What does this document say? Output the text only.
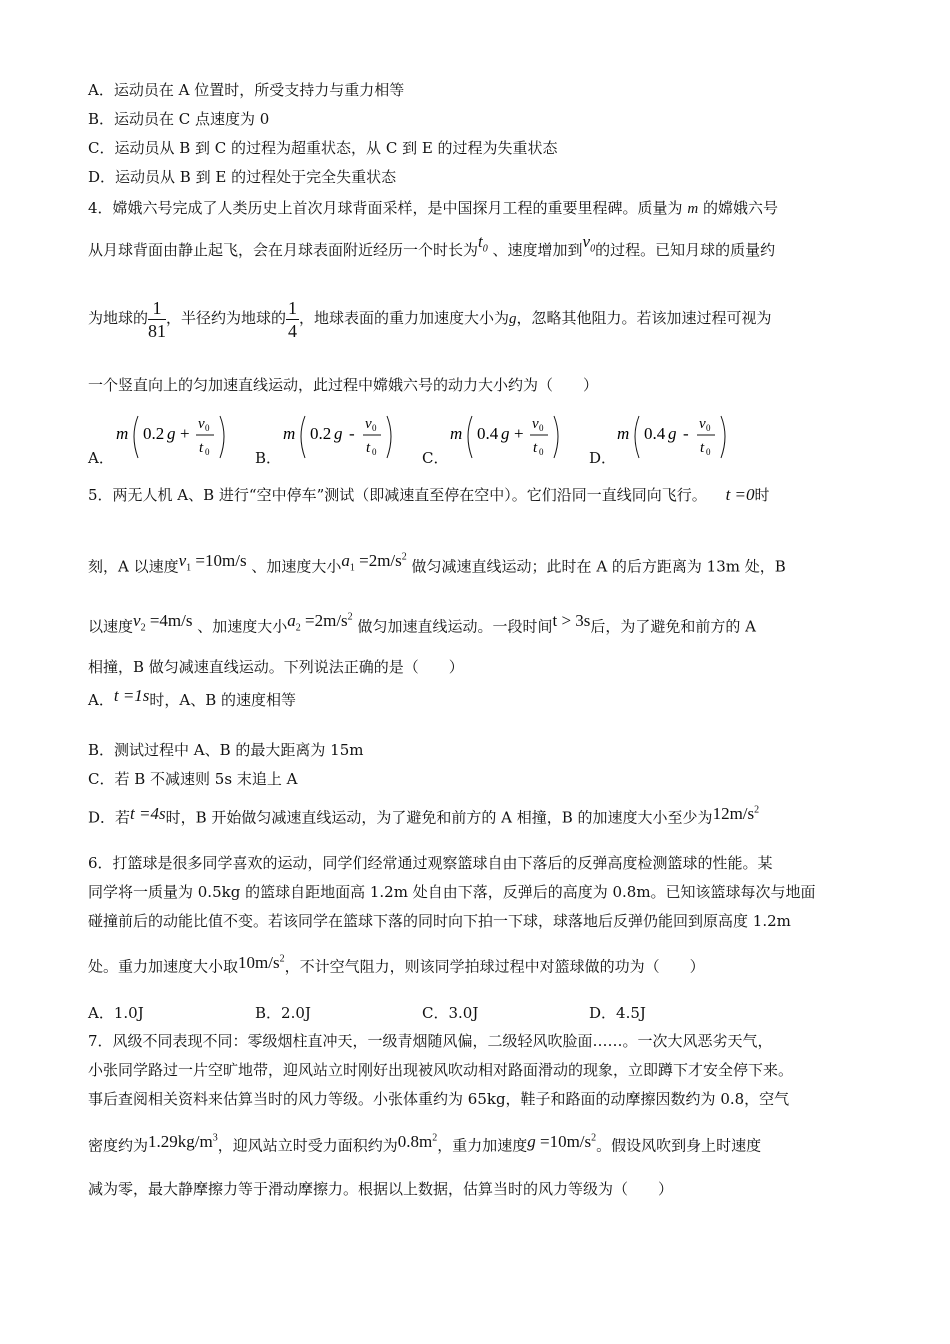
A．运动员在 A 位置时，所受支持力与重力相等
B．运动员在 C 点速度为 0
C．运动员从 B 到 C 的过程为超重状态，从 C 到 E 的过程为失重状态
D．运动员从 B 到 E 的过程处于完全失重状态
4．嫦娥六号完成了人类历史上首次月球背面采样，是中国探月工程的重要里程碑。质量为 m 的嫦娥六号
从月球背面由静止起飞，会在月球表面附近经历一个时长为$t_0$ 、速度增加到$v_0$的过程。已知月球的质量约
为地球的 $\frac{1}{81}$ ，半径约为地球的 $\frac{1}{4}$ ，地球表面的重力加速度大小为g，忽略其他阻力。若该加速过程可视为
一个竖直向上的匀加速直线运动，此过程中嫦娥六号的动力大小约为（　　）
A．
m 0.2 g + v 0
t 0	B．
m 0.2 g - v 0
t 0	C．
m 0.4 g + v 0
t 0	D．
m 0.4 g - v 0
t 0
5．两无人机 A、B 进行“空中停车”测试（即减速直至停在空中）。它们沿同一直线同向飞行。 t =0时
刻，A 以速度$v_1 =10m/s$ 、加速度大小$a_1 =2m/s^2$ 做匀减速直线运动；此时在 A 的后方距离为 13m 处，B
以速度$v_2 =4m/s$ 、加速度大小$a_2 =2m/s^2$ 做匀加速直线运动。一段时间t > 3s后，为了避免和前方的 A
相撞，B 做匀减速直线运动。下列说法正确的是（　　）
A．t =1s时，A、B 的速度相等
B．测试过程中 A、B 的最大距离为 15m
C．若 B 不减速则 5s 末追上 A
D．若t =4s时，B 开始做匀减速直线运动，为了避免和前方的 A 相撞，B 的加速度大小至少为$12m/s^2$
6．打篮球是很多同学喜欢的运动，同学们经常通过观察篮球自由下落后的反弹高度检测篮球的性能。某
同学将一质量为 0.5kg 的篮球自距地面高 1.2m 处自由下落，反弹后的高度为 0.8m。已知该篮球每次与地面
碰撞前后的动能比值不变。若该同学在篮球下落的同时向下拍一下球，球落地后反弹仍能回到原高度 1.2m
处。重力加速度大小取$10m/s^2$，不计空气阻力，则该同学拍球过程中对篮球做的功为（　　）
A．1.0J	B．2.0J	C．3.0J	D．4.5J
7．风级不同表现不同：零级烟柱直冲天，一级青烟随风偏，二级轻风吹脸面……。一次大风恶劣天气，
小张同学路过一片空旷地带，迎风站立时刚好出现被风吹动相对路面滑动的现象，立即蹲下才安全停下来。
事后查阅相关资料来估算当时的风力等级。小张体重约为 65kg，鞋子和路面的动摩擦因数约为 0.8，空气
密度约为$1.29kg/m^3$，迎风站立时受力面积约为$0.8m^2$，重力加速度$g =10m/s^2$。假设风吹到身上时速度
减为零，最大静摩擦力等于滑动摩擦力。根据以上数据，估算当时的风力等级为（　　）
